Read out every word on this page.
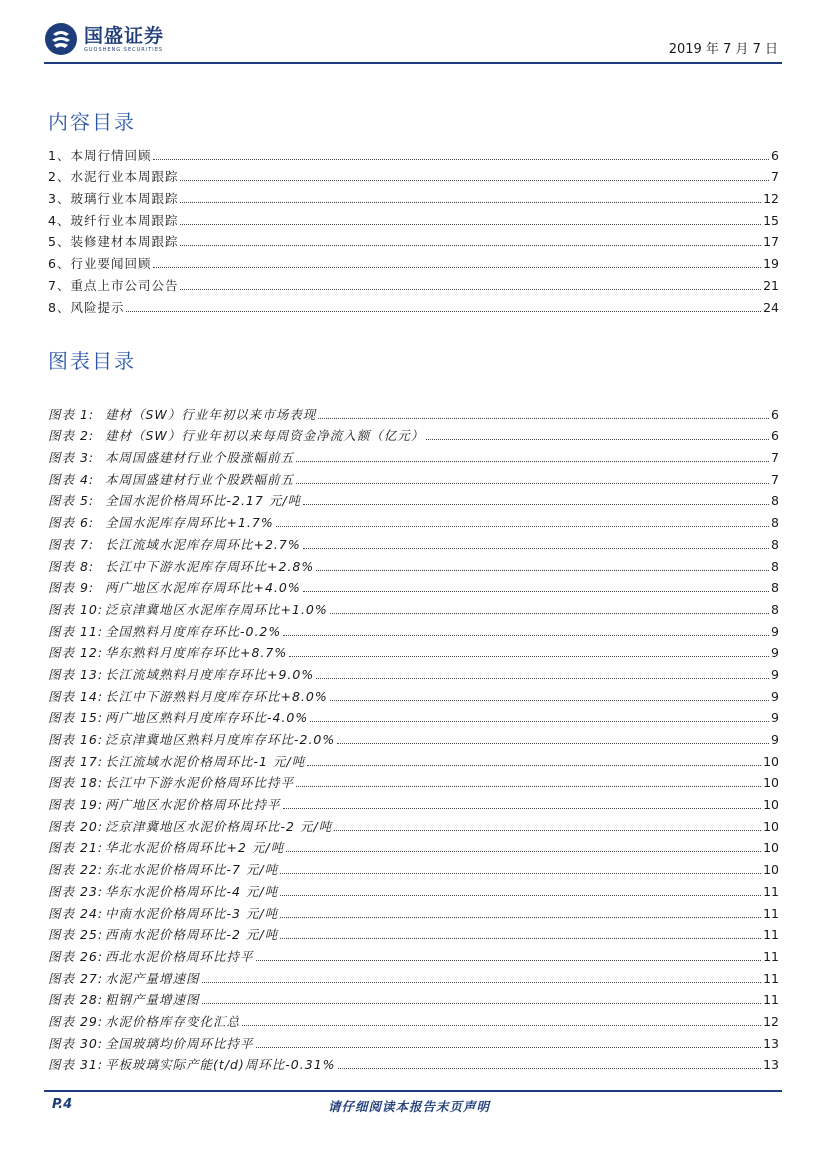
国盛证券
GUOSHENG SECURITIES	2019 年 7 月 7 日
内容目录
1、本周行情回顾	6
2、水泥行业本周跟踪	7
3、玻璃行业本周跟踪	12
4、玻纤行业本周跟踪	15
5、装修建材本周跟踪	17
6、行业要闻回顾	19
7、重点上市公司公告	21
8、风险提示	24
图表目录
图表 1: 建材（SW）行业年初以来市场表现	6
图表 2: 建材（SW）行业年初以来每周资金净流入额（亿元）	6
图表 3: 本周国盛建材行业个股涨幅前五	7
图表 4: 本周国盛建材行业个股跌幅前五	7
图表 5: 全国水泥价格周环比-2.17 元/吨	8
图表 6: 全国水泥库存周环比+1.7%	8
图表 7: 长江流域水泥库存周环比+2.7%	8
图表 8: 长江中下游水泥库存周环比+2.8%	8
图表 9: 两广地区水泥库存周环比+4.0%	8
图表 10: 泛京津冀地区水泥库存周环比+1.0%	8
图表 11: 全国熟料月度库存环比-0.2%	9
图表 12: 华东熟料月度库存环比+8.7%	9
图表 13: 长江流域熟料月度库存环比+9.0%	9
图表 14: 长江中下游熟料月度库存环比+8.0%	9
图表 15: 两广地区熟料月度库存环比-4.0%	9
图表 16: 泛京津冀地区熟料月度库存环比-2.0%	9
图表 17: 长江流域水泥价格周环比-1 元/吨	10
图表 18: 长江中下游水泥价格周环比持平	10
图表 19: 两广地区水泥价格周环比持平	10
图表 20: 泛京津冀地区水泥价格周环比-2 元/吨	10
图表 21: 华北水泥价格周环比+2 元/吨	10
图表 22: 东北水泥价格周环比-7 元/吨	10
图表 23: 华东水泥价格周环比-4 元/吨	11
图表 24: 中南水泥价格周环比-3 元/吨	11
图表 25: 西南水泥价格周环比-2 元/吨	11
图表 26: 西北水泥价格周环比持平	11
图表 27: 水泥产量增速图	11
图表 28: 粗钢产量增速图	11
图表 29: 水泥价格库存变化汇总	12
图表 30: 全国玻璃均价周环比持平	13
图表 31: 平板玻璃实际产能(t/d)周环比-0.31%	13
P.4	请仔细阅读本报告末页声明
